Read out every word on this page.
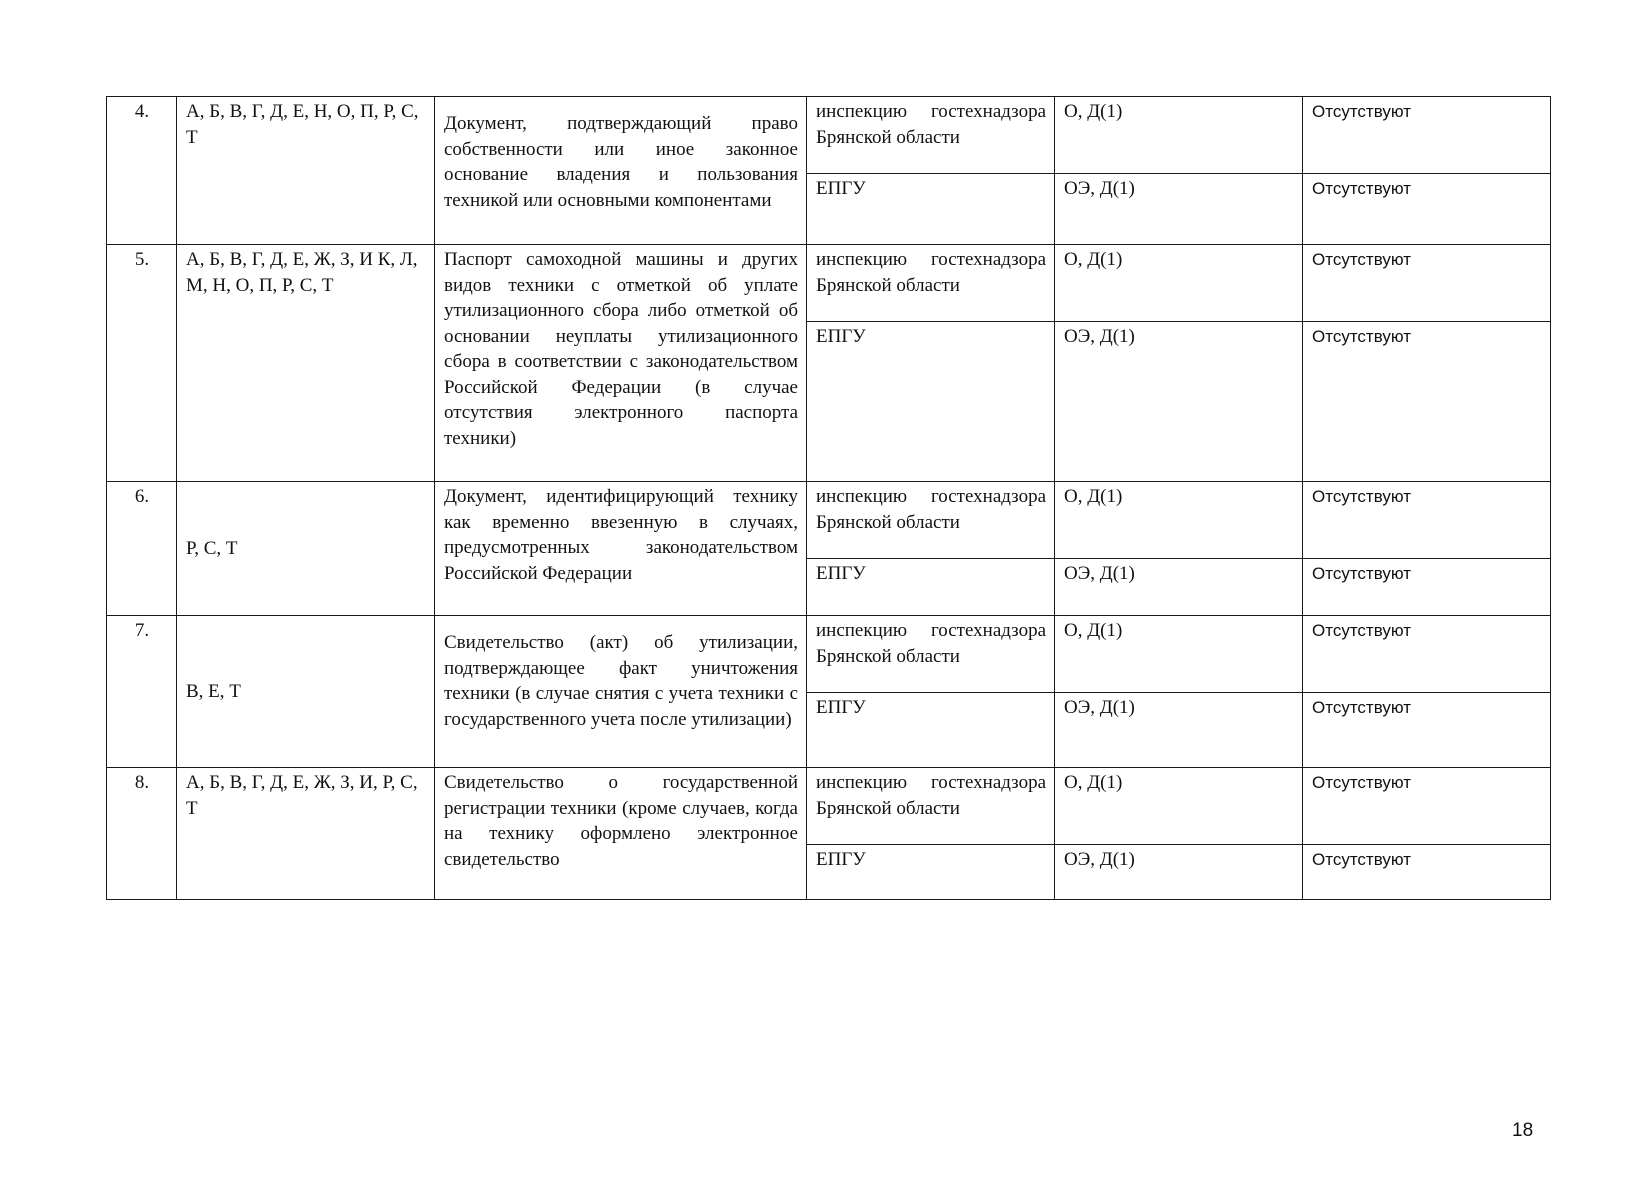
4.	А, Б, В, Г, Д, Е, Н, О, П, Р, С, Т	Документ, подтверждающий право собственности или иное законное основание владения и пользования техникой или основными компонентами	инспекцию гостехнадзора Брянской области	О, Д(1)	Отсутствуют
			ЕПГУ	ОЭ, Д(1)	Отсутствуют
5.	А, Б, В, Г, Д, Е, Ж, З, И К, Л, М, Н, О, П, Р, С, Т	Паспорт самоходной машины и других видов техники с отметкой об уплате утилизационного сбора либо отметкой об основании неуплаты утилизационного сбора в соответствии с законодательством Российской Федерации (в случае отсутствия электронного паспорта техники)	инспекцию гостехнадзора Брянской области	О, Д(1)	Отсутствуют
			ЕПГУ	ОЭ, Д(1)	Отсутствуют
6.	Р, С, Т	Документ, идентифицирующий технику как временно ввезенную в случаях, предусмотренных законодательством Российской Федерации	инспекцию гостехнадзора Брянской области	О, Д(1)	Отсутствуют
			ЕПГУ	ОЭ, Д(1)	Отсутствуют
7.	В, Е, Т	Свидетельство (акт) об утилизации, подтверждающее факт уничтожения техники (в случае снятия с учета техники с государственного учета после утилизации)	инспекцию гостехнадзора Брянской области	О, Д(1)	Отсутствуют
			ЕПГУ	ОЭ, Д(1)	Отсутствуют
8.	А, Б, В, Г, Д, Е, Ж, З, И, Р, С, Т	Свидетельство о государственной регистрации техники (кроме случаев, когда на технику оформлено электронное свидетельство	инспекцию гостехнадзора Брянской области	О, Д(1)	Отсутствуют
			ЕПГУ	ОЭ, Д(1)	Отсутствуют
18
